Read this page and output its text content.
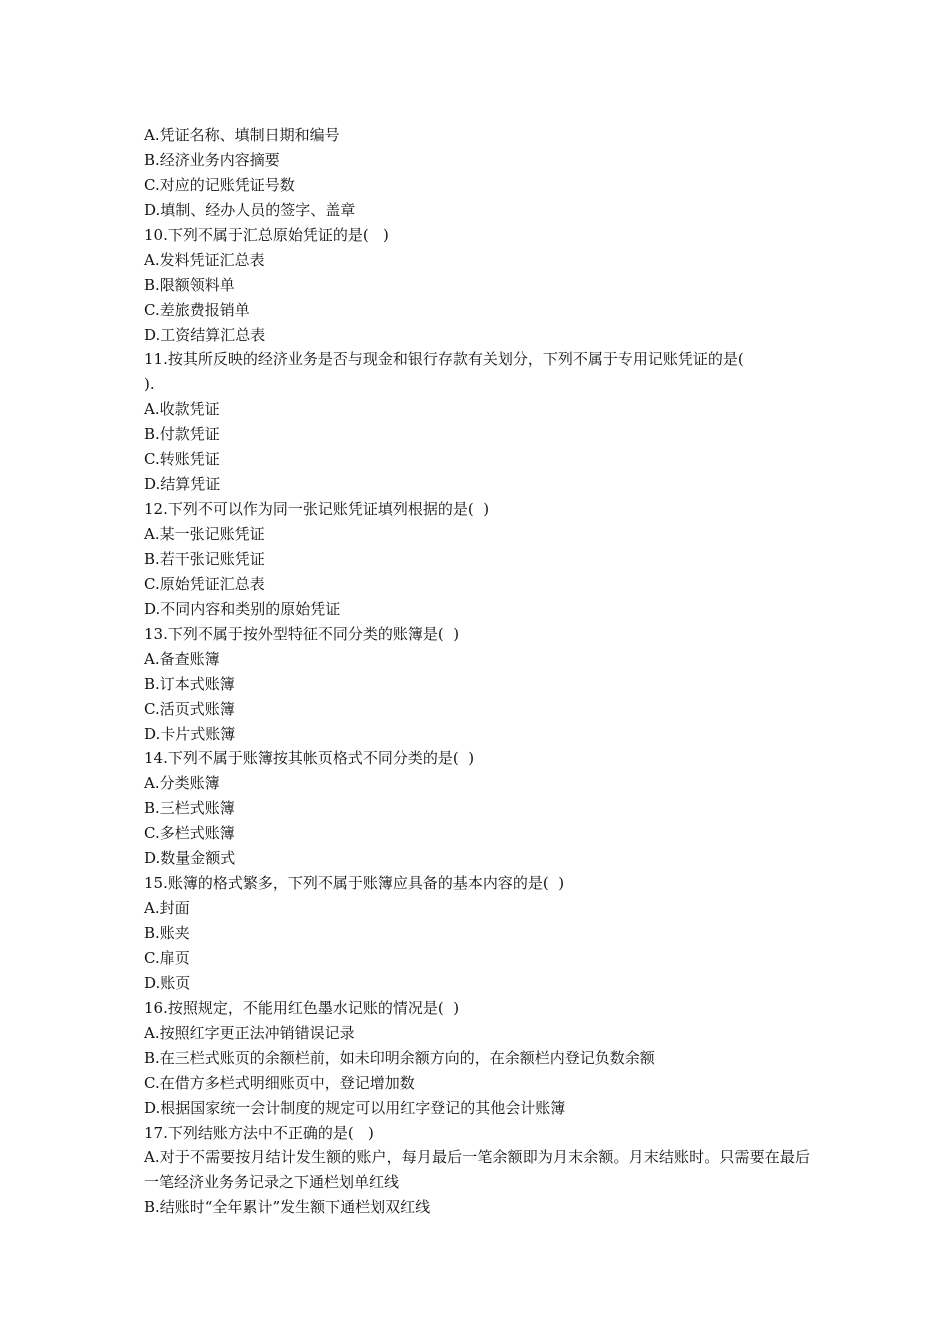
A.凭证名称、填制日期和编号
B.经济业务内容摘要
C.对应的记账凭证号数
D.填制、经办人员的签字、盖章
10.下列不属于汇总原始凭证的是(   )
A.发料凭证汇总表
B.限额领料单
C.差旅费报销单
D.工资结算汇总表
11.按其所反映的经济业务是否与现金和银行存款有关划分，下列不属于专用记账凭证的是(
).
A.收款凭证
B.付款凭证
C.转账凭证
D.结算凭证
12.下列不可以作为同一张记账凭证填列根据的是(  )
A.某一张记账凭证
B.若干张记账凭证
C.原始凭证汇总表
D.不同内容和类别的原始凭证
13.下列不属于按外型特征不同分类的账簿是(  )
A.备查账簿
B.订本式账簿
C.活页式账簿
D.卡片式账簿
14.下列不属于账簿按其帐页格式不同分类的是(  )
A.分类账簿
B.三栏式账簿
C.多栏式账簿
D.数量金额式
15.账簿的格式繁多，下列不属于账簿应具备的基本内容的是(  )
A.封面
B.账夹
C.扉页
D.账页
16.按照规定，不能用红色墨水记账的情况是(  )
A.按照红字更正法冲销错误记录
B.在三栏式账页的余额栏前，如未印明余额方向的，在余额栏内登记负数余额
C.在借方多栏式明细账页中，登记增加数
D.根据国家统一会计制度的规定可以用红字登记的其他会计账簿
17.下列结账方法中不正确的是(   )
A.对于不需要按月结计发生额的账户，每月最后一笔余额即为月末余额。月末结账时。只需要在最后一笔经济业务务记录之下通栏划单红线
B.结账时“全年累计”发生额下通栏划双红线
